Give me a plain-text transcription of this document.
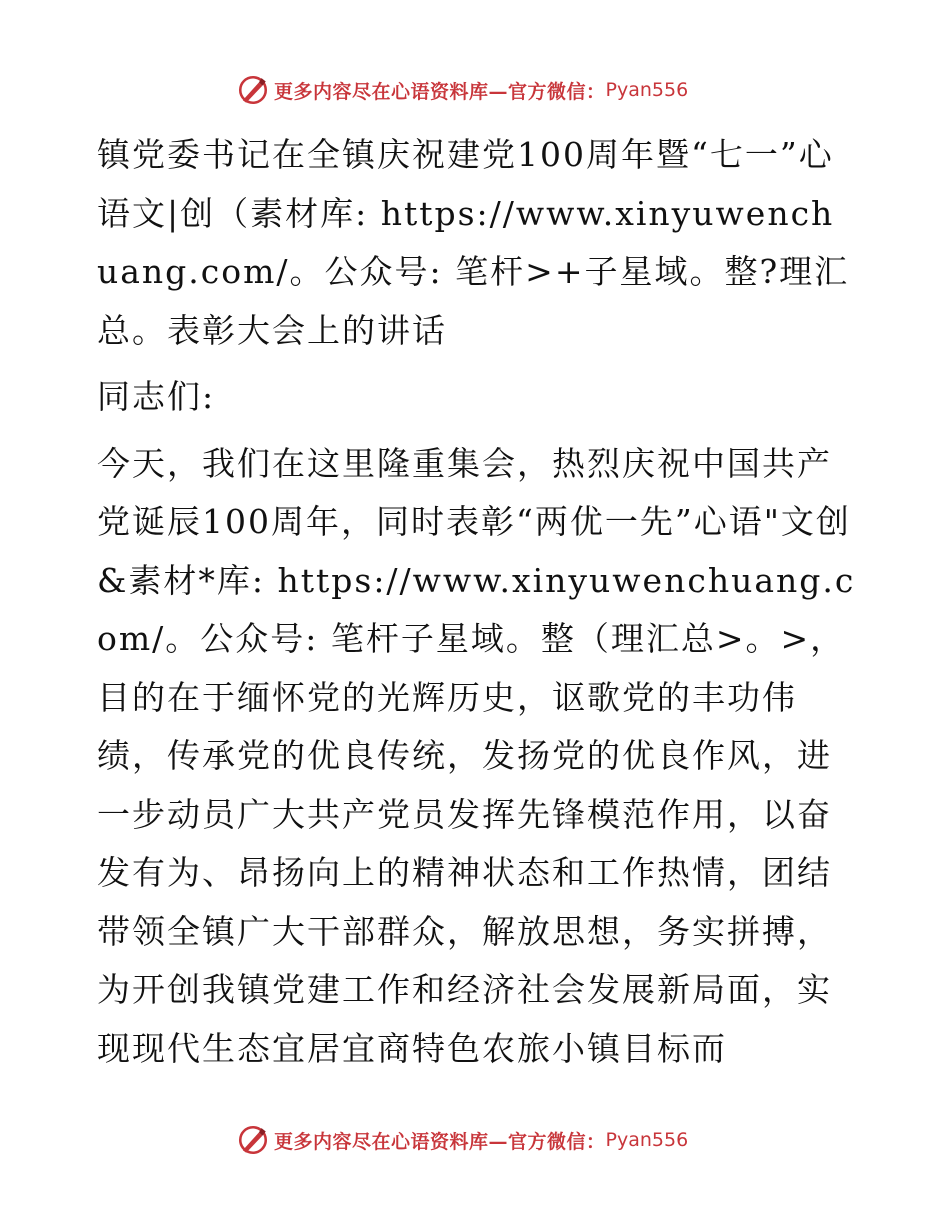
更多内容尽在心语资料库—官方微信： Pyan556

镇党委书记在全镇庆祝建党100周年暨“七一”心语文|创（素材库: https://www.xinyuwenchuang.com/。公众号: 笔杆>+子星域。整?理汇总。表彰大会上的讲话

同志们:

今天，我们在这里隆重集会，热烈庆祝中国共产党诞辰100周年，同时表彰“两优一先”心语"文创&素材*库: https://www.xinyuwenchuang.com/。公众号: 笔杆子星域。整（理汇总>。>，目的在于缅怀党的光辉历史，讴歌党的丰功伟绩，传承党的优良传统，发扬党的优良作风，进一步动员广大共产党员发挥先锋模范作用，以奋发有为、昂扬向上的精神状态和工作热情，团结带领全镇广大干部群众，解放思想，务实拼搏，为开创我镇党建工作和经济社会发展新局面，实现现代生态宜居宜商特色农旅小镇目标而

更多内容尽在心语资料库—官方微信： Pyan556
